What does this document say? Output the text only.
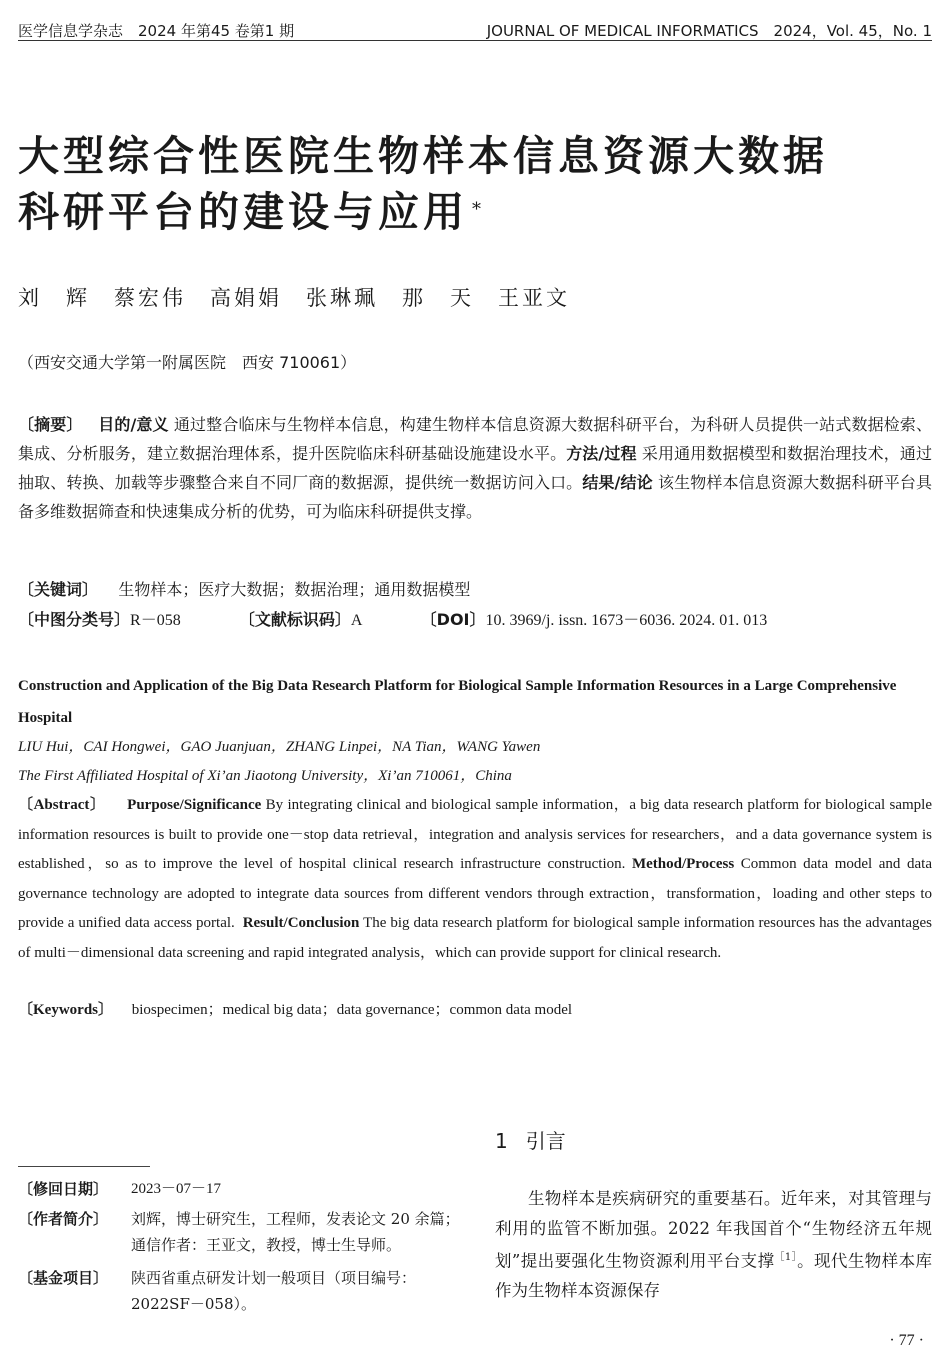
医学信息学杂志　2024 年第45 卷第1 期	JOURNAL OF MEDICAL INFORMATICS　2024，Vol. 45，No. 1
大型综合性医院生物样本信息资源大数据
科研平台的建设与应用 *
刘　辉　蔡宏伟　高娟娟　张琳珮　那　天　王亚文
（西安交通大学第一附属医院　西安 710061）
〔摘要〕 目的/意义 通过整合临床与生物样本信息，构建生物样本信息资源大数据科研平台，为科研人员提供一站式数据检索、集成、分析服务，建立数据治理体系，提升医院临床科研基础设施建设水平。方法/过程 采用通用数据模型和数据治理技术，通过抽取、转换、加载等步骤整合来自不同厂商的数据源，提供统一数据访问入口。结果/结论 该生物样本信息资源大数据科研平台具备多维数据筛查和快速集成分析的优势，可为临床科研提供支撑。
〔关键词〕 生物样本；医疗大数据；数据治理；通用数据模型
〔中图分类号〕R－058	〔文献标识码〕A	〔DOI〕10. 3969/j. issn. 1673－6036. 2024. 01. 013
Construction and Application of the Big Data Research Platform for Biological Sample Information Resources in a Large Comprehensive Hospital
LIU Hui，CAI Hongwei，GAO Juanjuan，ZHANG Linpei，NA Tian，WANG Yawen
The First Affiliated Hospital of Xi’an Jiaotong University，Xi’an 710061，China
〔Abstract〕 Purpose/Significance By integrating clinical and biological sample information，a big data research platform for biological sample information resources is built to provide one－stop data retrieval，integration and analysis services for researchers，and a data governance system is established，so as to improve the level of hospital clinical research infrastructure construction. Method/Process Common data model and data governance technology are adopted to integrate data sources from different vendors through extraction，transformation，loading and other steps to provide a unified data access portal. Result/Conclusion The big data research platform for biological sample information resources has the advantages of multi－dimensional data screening and rapid integrated analysis，which can provide support for clinical research.
〔Keywords〕 biospecimen；medical big data；data governance；common data model
〔修回日期〕 2023－07－17
〔作者简介〕 刘辉，博士研究生，工程师，发表论文 20 余篇；通信作者：王亚文，教授，博士生导师。
〔基金项目〕 陕西省重点研发计划一般项目（项目编号：2022SF－058）。
1 引言
生物样本是疾病研究的重要基石。近年来，对其管理与利用的监管不断加强。2022 年我国首个“生物经济五年规划”提出要强化生物资源利用平台支撑$^{[1]}$。现代生物样本库作为生物样本资源保存
· 77 ·
